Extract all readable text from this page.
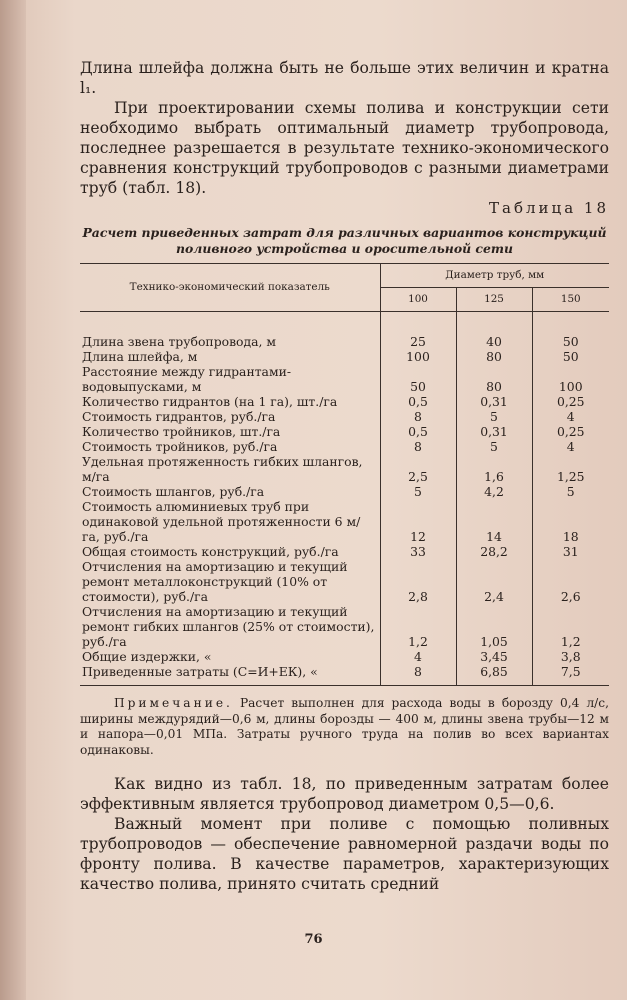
Длина шлейфа должна быть не больше этих величин и кратна l₁.

При проектировании схемы полива и конструкции сети необходимо выбрать оптимальный диаметр трубопровода, последнее разрешается в результате технико-экономического сравнения конструкций трубопроводов с разными диаметрами труб (табл. 18).

Таблица 18

Расчет приведенных затрат для различных вариантов конструкций поливного устройства и оросительной сети

Технико-экономический показатель	Диаметр труб, мм		
	100	125	150
Длина звена трубопровода, м	25	40	50
Длина шлейфа, м	100	80	50
Расстояние между гидрантами-водовыпусками, м	50	80	100
Количество гидрантов (на 1 га), шт./га	0,5	0,31	0,25
Стоимость гидрантов, руб./га	8	5	4
Количество тройников, шт./га	0,5	0,31	0,25
Стоимость тройников, руб./га	8	5	4
Удельная протяженность гибких шлангов, м/га	2,5	1,6	1,25
Стоимость шлангов, руб./га	5	4,2	5
Стоимость алюминиевых труб при одинаковой удельной протяженности 6 м/га, руб./га	12	14	18
Общая стоимость конструкций, руб./га	33	28,2	31
Отчисления на амортизацию и текущий ремонт металлоконструкций (10% от стоимости), руб./га	2,8	2,4	2,6
Отчисления на амортизацию и текущий ремонт гибких шлангов (25% от стоимости), руб./га	1,2	1,05	1,2
Общие издержки, «	4	3,45	3,8
Приведенные затраты (С=И+ЕК), «	8	6,85	7,5

Примечание. Расчет выполнен для расхода воды в борозду 0,4 л/с, ширины междурядий—0,6 м, длины борозды — 400 м, длины звена трубы—12 м и напора—0,01 МПа. Затраты ручного труда на полив во всех вариантах одинаковы.

Как видно из табл. 18, по приведенным затратам более эффективным является трубопровод диаметром 0,5—0,6.

Важный момент при поливе с помощью поливных трубопроводов — обеспечение равномерной раздачи воды по фронту полива. В качестве параметров, характеризующих качество полива, принято считать средний

76
